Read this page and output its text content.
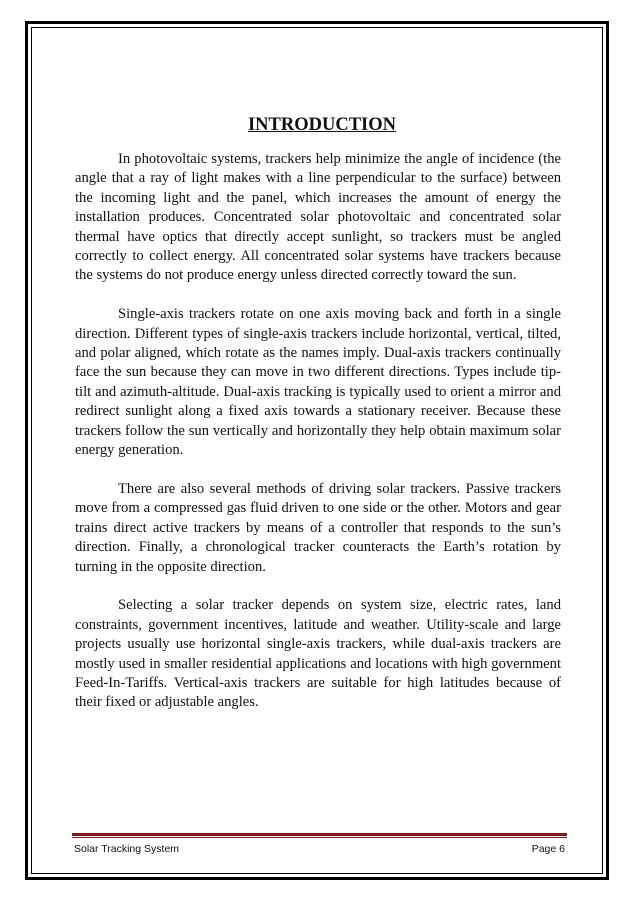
INTRODUCTION

In photovoltaic systems, trackers help minimize the angle of incidence (the angle that a ray of light makes with a line perpendicular to the surface) between the incoming light and the panel, which increases the amount of energy the installation produces. Concentrated solar photovoltaic and concentrated solar thermal have optics that directly accept sunlight, so trackers must be angled correctly to collect energy. All concentrated solar systems have trackers because the systems do not produce energy unless directed correctly toward the sun.

Single-axis trackers rotate on one axis moving back and forth in a single direction. Different types of single-axis trackers include horizontal, vertical, tilted, and polar aligned, which rotate as the names imply. Dual-axis trackers continually face the sun because they can move in two different directions. Types include tip-tilt and azimuth-altitude. Dual-axis tracking is typically used to orient a mirror and redirect sunlight along a fixed axis towards a stationary receiver. Because these trackers follow the sun vertically and horizontally they help obtain maximum solar energy generation.

There are also several methods of driving solar trackers. Passive trackers move from a compressed gas fluid driven to one side or the other. Motors and gear trains direct active trackers by means of a controller that responds to the sun’s direction. Finally, a chronological tracker counteracts the Earth’s rotation by turning in the opposite direction.

Selecting a solar tracker depends on system size, electric rates, land constraints, government incentives, latitude and weather. Utility-scale and large projects usually use horizontal single-axis trackers, while dual-axis trackers are mostly used in smaller residential applications and locations with high government Feed-In-Tariffs. Vertical-axis trackers are suitable for high latitudes because of their fixed or adjustable angles.

Solar Tracking System	Page 6
